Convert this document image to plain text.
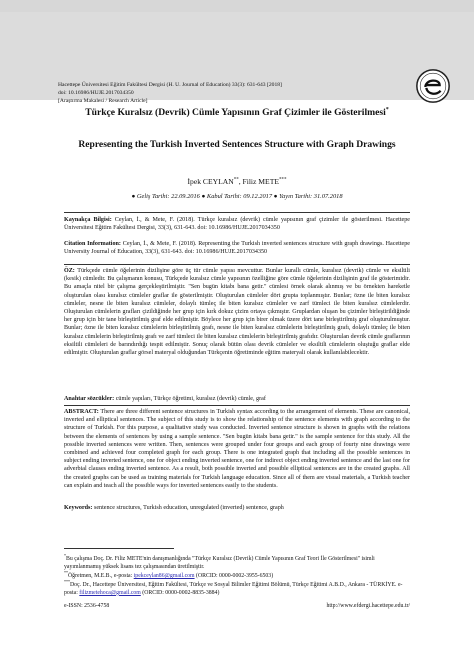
Hacettepe Üniversitesi Eğitim Fakültesi Dergisi (H. U. Journal of Education) 33(3): 631-643 [2018]
doi: 10.16986/HUJE.2017034350
[Araştırma Makalesi / Research Article]
Türkçe Kuralsız (Devrik) Cümle Yapısının Graf Çizimler ile Gösterilmesi*
Representing the Turkish Inverted Sentences Structure with Graph Drawings
İpek CEYLAN**, Filiz METE***
● Geliş Tarihi: 22.09.2016 ● Kabul Tarihi: 09.12.2017 ● Yayın Tarihi: 31.07.2018
Kaynakça Bilgisi: Ceylan, İ., & Mete, F. (2018). Türkçe kuralsız (devrik) cümle yapısının graf çizimler ile gösterilmesi. Hacettepe Üniversitesi Eğitim Fakültesi Dergisi, 33(3), 631-643. doi: 10.16986/HUJE.2017034350
Citation Information: Ceylan, İ., & Mete, F. (2018). Representing the Turkish inverted sentences structure with graph drawings. Hacettepe University Journal of Education, 33(3), 631-643. doi: 10.16986/HUJE.2017034350
ÖZ: Türkçede cümle öğelerinin dizilişine göre üç tür cümle yapısı mevcuttur. Bunlar kurallı cümle, kuralsız (devrik) cümle ve eksiltili (kesik) cümledir. Bu çalışmanın konusu, Türkçede kuralsız cümle yapısının özelliğine göre cümle öğelerinin dizilişinin graf ile gösterimidir. Bu amaçla nitel bir çalışma gerçekleştirilmiştir. "Sen bugün kitabı bana getir." cümlesi örnek olarak alınmış ve bu örnekten hareketle oluşturulan olası kuralsız cümleler graflar ile gösterilmiştir. Oluşturulan cümleler dört grupta toplanmıştır. Bunlar; özne ile biten kuralsız cümleler, nesne ile biten kuralsız cümleler, dolaylı tümleç ile biten kuralsız cümleler ve zarf tümleci ile biten kuralsız cümlelerdir. Oluşturulan cümlelerin grafları çizildiğinde her grup için kırk dokuz çizim ortaya çıkmıştır. Gruplardan oluşan bu çizimler birleştirildiğinde her grup için bir tane birleştirilmiş graf elde edilmiştir. Böylece her grup için birer olmak üzere dört tane birleştirilmiş graf oluşturulmuştur. Bunlar; özne ile biten kuralsız cümlelerin birleştirilmiş grafı, nesne ile biten kuralsız cümlelerin birleştirilmiş grafı, dolaylı tümleç ile biten kuralsız cümlelerin birleştirilmiş grafı ve zarf tümleci ile biten kuralsız cümlelerin birleştirilmiş grafıdır. Oluşturulan devrik cümle graflarının eksiltili cümleleri de barındırdığı tespit edilmiştir. Sonuç olarak bütün olası devrik cümleler ve eksiltili cümlelerin oluştuğu graflar elde edilmiştir. Oluşturulan graflar görsel materyal olduğundan Türkçenin öğretiminde eğitim materyali olarak kullanılabilecektir.
Anahtar sözcükler: cümle yapıları, Türkçe öğretimi, kuralsız (devrik) cümle, graf
ABSTRACT: There are three different sentence structures in Turkish syntax according to the arrangement of elements. These are canonical, inverted and elliptical sentences. The subject of this study is to show the relationship of the sentence elements with graph according to the structure of Turkish. For this purpose, a qualitative study was conducted. Inverted sentence structure is shown in graphs with the relations between the elements of sentences by using a sample sentence. "Sen bugün kitabı bana getir." is the sample sentence for this study. All the possible inverted sentences were written. Then, sentences were grouped under four groups and each group of fourty nine drawings were combined and achieved four completed graph for each group. There is one integrated graph that including all the possible sentences in subject ending inverted sentence, one for object ending inverted sentence, one for indirect object ending inverted sentence and the last one for adverbial clauses ending inverted sentence. As a result, both possible inverted and possible elliptical sentences are in the created graphs. All the created graphs can be used as training materials for Turkish language education. Since all of them are visual materials, a Turkish teacher can explain and teach all the possible ways for inverted sentences easily to the students.
Keywords: sentence structures, Turkish education, unregulated (inverted) sentence, graph
*Bu çalışma Doç. Dr. Filiz METE'nin danışmanlığında "Türkçe Kuralsız (Devrik) Cümle Yapısının Graf Teori İle Gösterilmesi" isimli yayımlanmamış yüksek lisans tez çalışmasından üretilmiştir.
**Öğretmen, M.E.B., e-posta: ipekceylan86@gmail.com (ORCID: 0000-0002-3955-6503)
***Doç. Dr., Hacettepe Üniversitesi, Eğitim Fakültesi, Türkçe ve Sosyal Bilimler Eğitimi Bölümü, Türkçe Eğitimi A.B.D., Ankara - TÜRKİYE. e-posta: filizmetehoca@gmail.com (ORCID: 0000-0002-8835-3884)
e-ISSN: 2536-4758	http://www.efdergi.hacettepe.edu.tr/
